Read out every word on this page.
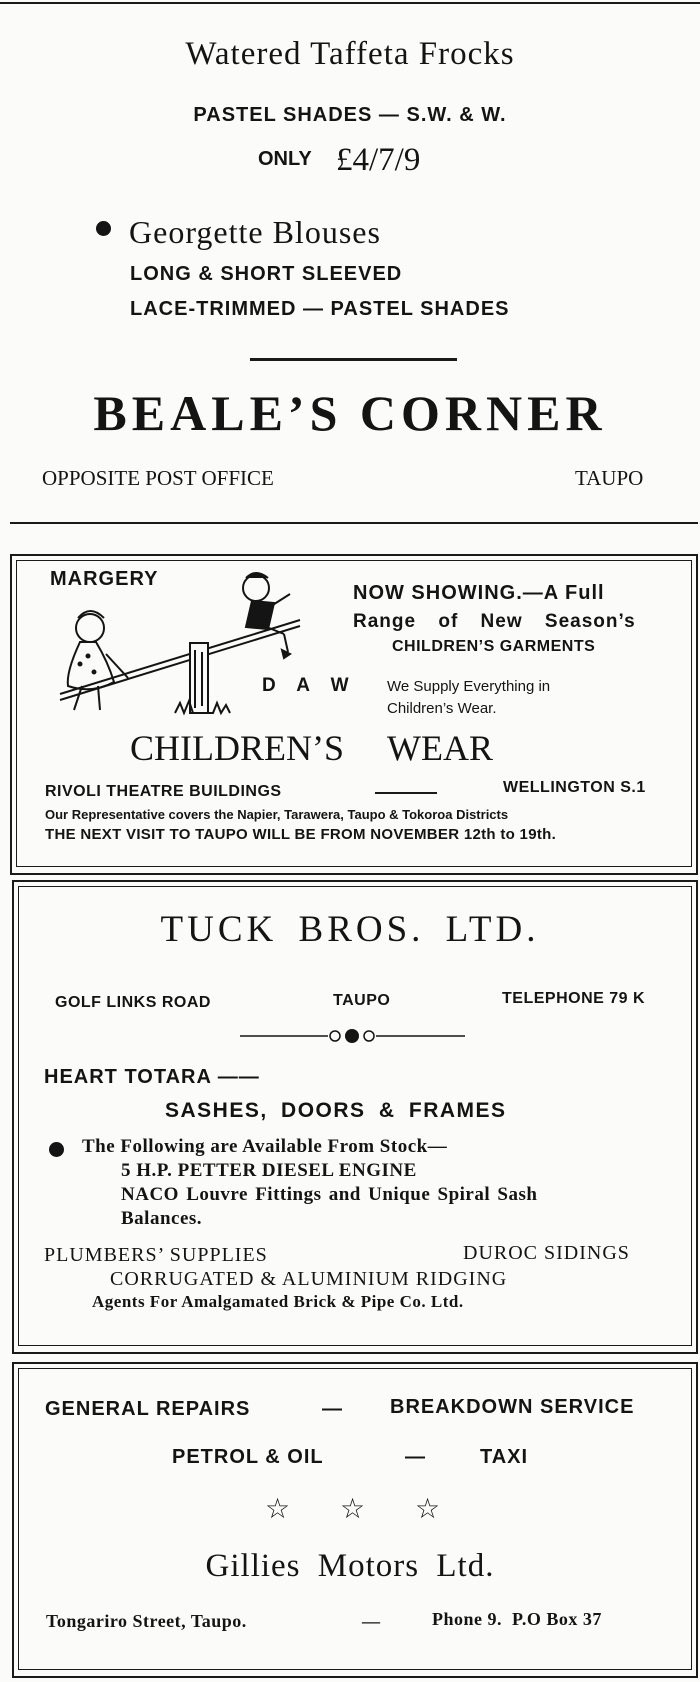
Watered Taffeta Frocks
PASTEL SHADES — S.W. & W.
ONLY £4/7/9
Georgette Blouses
LONG & SHORT SLEEVED
LACE-TRIMMED — PASTEL SHADES
BEALE’S CORNER
OPPOSITE POST OFFICE	TAUPO
MARGERY
NOW SHOWING.—A Full
Range of New Season’s
CHILDREN’S GARMENTS
D A W We Supply Everything in
Children’s Wear.
CHILDREN’S WEAR
RIVOLI THEATRE BUILDINGS	WELLINGTON S.1
Our Representative covers the Napier, Tarawera, Taupo & Tokoroa Districts
THE NEXT VISIT TO TAUPO WILL BE FROM NOVEMBER 12th to 19th.
TUCK BROS. LTD.
GOLF LINKS ROAD	TAUPO	TELEPHONE 79 K
HEART TOTARA ——
SASHES, DOORS & FRAMES
The Following are Available From Stock—
5 H.P. PETTER DIESEL ENGINE
NACO Louvre Fittings and Unique Spiral Sash
Balances.
PLUMBERS’ SUPPLIES	DUROC SIDINGS
CORRUGATED & ALUMINIUM RIDGING
Agents For Amalgamated Brick & Pipe Co. Ltd.
GENERAL REPAIRS	— BREAKDOWN SERVICE
PETROL & OIL	—	TAXI
☆ ☆ ☆
Gillies Motors Ltd.
Tongariro Street, Taupo.	—	Phone 9.  P.O Box 37
